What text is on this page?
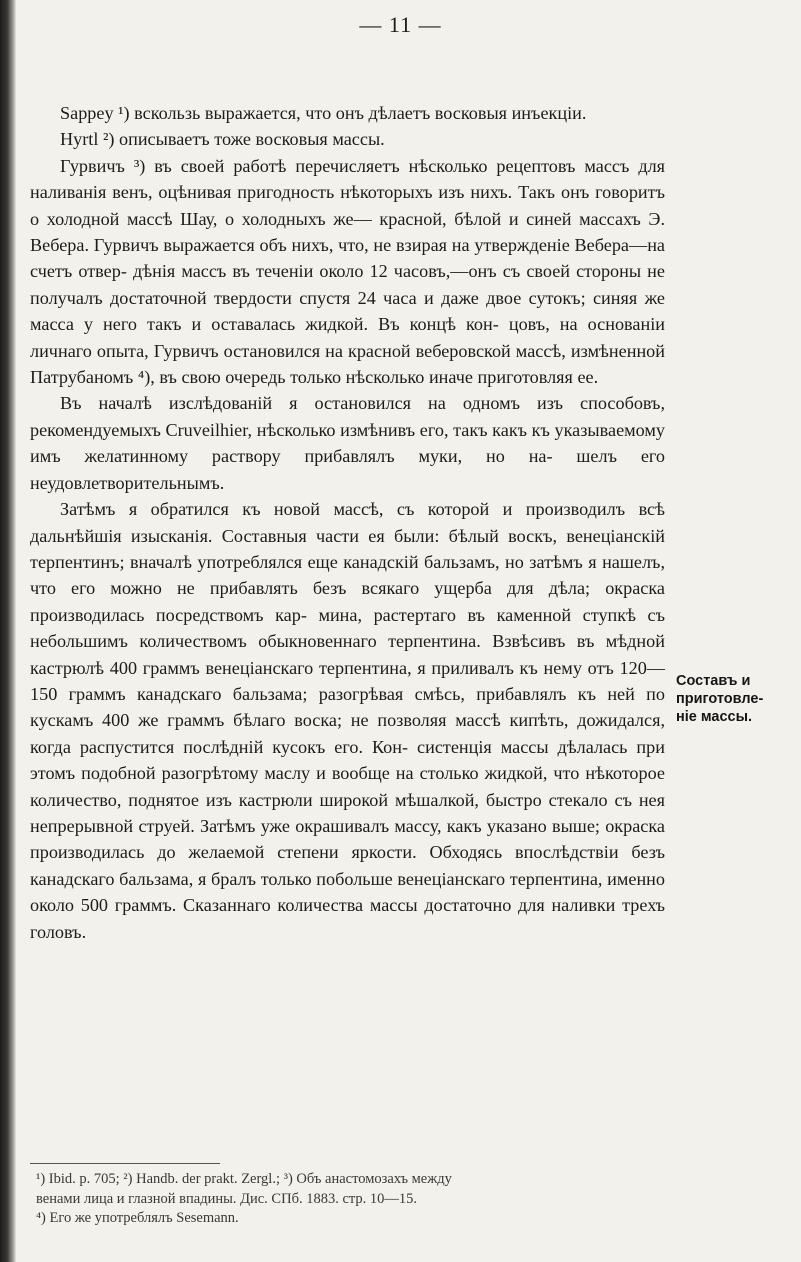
— 11 —

Sappey ¹) вскользь выражается, что онъ дѣлаетъ восковыя инъекціи.

Hyrtl ²) описываетъ тоже восковыя массы.

Гурвичъ ³) въ своей работѣ перечисляетъ нѣсколько рецептовъ массъ для наливанія венъ, оцѣнивая пригодность нѣкоторыхъ изъ нихъ. Такъ онъ говоритъ о холодной массѣ Шау, о холодныхъ же— красной, бѣлой и синей массахъ Э. Вебера. Гурвичъ выражается объ нихъ, что, не взирая на утвержденіе Вебера—на счетъ отвер- дѣнія массъ въ теченіи около 12 часовъ,—онъ съ своей стороны не получалъ достаточной твердости спустя 24 часа и даже двое сутокъ; синяя же масса у него такъ и оставалась жидкой. Въ концѣ кон- цовъ, на основаніи личнаго опыта, Гурвичъ остановился на красной веберовской массѣ, измѣненной Патрубаномъ ⁴), въ свою очередь только нѣсколько иначе приготовляя ее.

Въ началѣ изслѣдованій я остановился на одномъ изъ способовъ, рекомендуемыхъ Cruveilhier, нѣсколько измѣнивъ его, такъ какъ къ указываемому имъ желатинному раствору прибавлялъ муки, но на- шелъ его неудовлетворительнымъ.

Затѣмъ я обратился къ новой массѣ, съ которой и производилъ всѣ дальнѣйшія изысканія. Составныя части ея были: бѣлый воскъ, венеціанскій терпентинъ; вначалѣ употреблялся еще канадскій бальзамъ, но затѣмъ я нашелъ, что его можно не прибавлять безъ всякаго ущерба для дѣла; окраска производилась посредствомъ кар- мина, растертаго въ каменной ступкѣ съ небольшимъ количествомъ обыкновеннаго терпентина. Взвѣсивъ въ мѣдной кастрюлѣ 400 граммъ венеціанскаго терпентина, я приливалъ къ нему отъ 120— 150 граммъ канадскаго бальзама; разогрѣвая смѣсь, прибавлялъ къ ней по кускамъ 400 же граммъ бѣлаго воска; не позволяя массѣ кипѣть, дожидался, когда распустится послѣдній кусокъ его. Кон- систенція массы дѣлалась при этомъ подобной разогрѣтому маслу и вообще на столько жидкой, что нѣкоторое количество, поднятое изъ кастрюли широкой мѣшалкой, быстро стекало съ нея непрерывной струей. Затѣмъ уже окрашивалъ массу, какъ указано выше; окраска производилась до желаемой степени яркости. Обходясь впослѣдствіи безъ канадскаго бальзама, я бралъ только побольше венеціанскаго терпентина, именно около 500 граммъ. Сказаннаго количества массы достаточно для наливки трехъ головъ.

Составъ и
приготовле-
ніе массы.
¹) Ibid. p. 705; ²) Handb. der prakt. Zergl.; ³) Объ анастомозахъ между
венами лица и глазной впадины. Дис. СПб. 1883. стр. 10—15.
⁴) Его же употреблялъ Sesemann.
